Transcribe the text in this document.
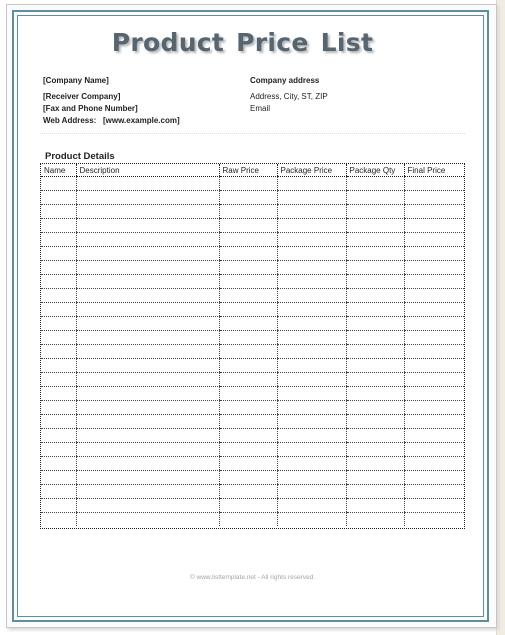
Product Price List
[Company Name]
[Receiver Company]
[Fax and Phone Number]
Web Address: [www.example.com]
Company address
Address, City, ST, ZIP
Email
Product Details
Name	Description	Raw Price	Package Price	Package Qty	Final Price

© www.listtemplate.net - All rights reserved.
